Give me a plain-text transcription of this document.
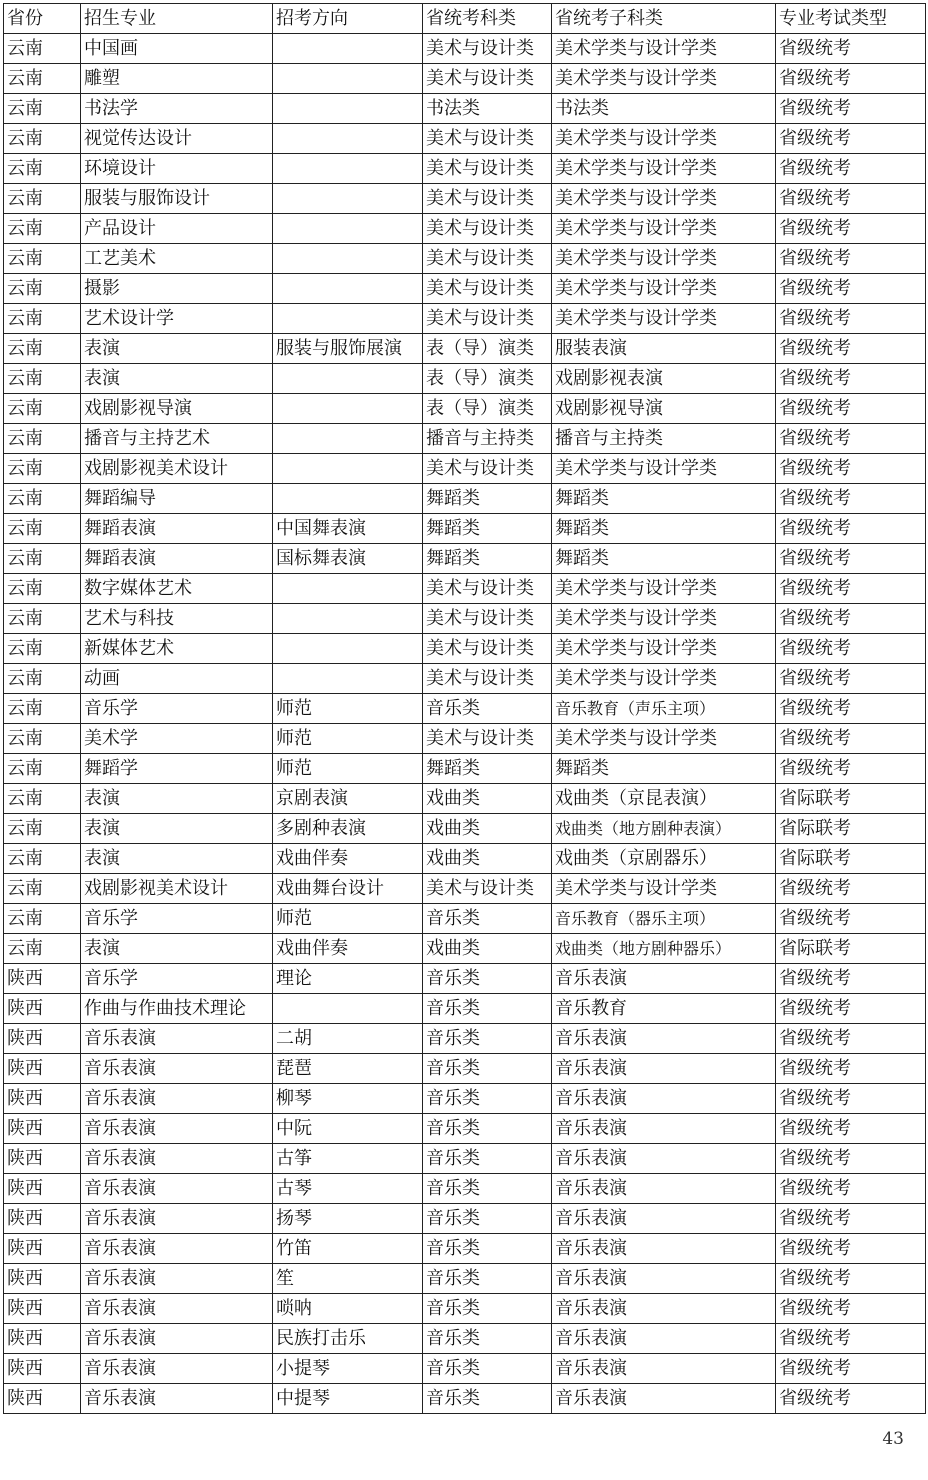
省份	招生专业	招考方向	省统考科类	省统考子科类	专业考试类型
云南	中国画		美术与设计类	美术学类与设计学类	省级统考
云南	雕塑		美术与设计类	美术学类与设计学类	省级统考
云南	书法学		书法类	书法类	省级统考
云南	视觉传达设计		美术与设计类	美术学类与设计学类	省级统考
云南	环境设计		美术与设计类	美术学类与设计学类	省级统考
云南	服装与服饰设计		美术与设计类	美术学类与设计学类	省级统考
云南	产品设计		美术与设计类	美术学类与设计学类	省级统考
云南	工艺美术		美术与设计类	美术学类与设计学类	省级统考
云南	摄影		美术与设计类	美术学类与设计学类	省级统考
云南	艺术设计学		美术与设计类	美术学类与设计学类	省级统考
云南	表演	服装与服饰展演	表（导）演类	服装表演	省级统考
云南	表演		表（导）演类	戏剧影视表演	省级统考
云南	戏剧影视导演		表（导）演类	戏剧影视导演	省级统考
云南	播音与主持艺术		播音与主持类	播音与主持类	省级统考
云南	戏剧影视美术设计		美术与设计类	美术学类与设计学类	省级统考
云南	舞蹈编导		舞蹈类	舞蹈类	省级统考
云南	舞蹈表演	中国舞表演	舞蹈类	舞蹈类	省级统考
云南	舞蹈表演	国标舞表演	舞蹈类	舞蹈类	省级统考
云南	数字媒体艺术		美术与设计类	美术学类与设计学类	省级统考
云南	艺术与科技		美术与设计类	美术学类与设计学类	省级统考
云南	新媒体艺术		美术与设计类	美术学类与设计学类	省级统考
云南	动画		美术与设计类	美术学类与设计学类	省级统考
云南	音乐学	师范	音乐类	音乐教育（声乐主项）	省级统考
云南	美术学	师范	美术与设计类	美术学类与设计学类	省级统考
云南	舞蹈学	师范	舞蹈类	舞蹈类	省级统考
云南	表演	京剧表演	戏曲类	戏曲类（京昆表演）	省际联考
云南	表演	多剧种表演	戏曲类	戏曲类（地方剧种表演）	省际联考
云南	表演	戏曲伴奏	戏曲类	戏曲类（京剧器乐）	省际联考
云南	戏剧影视美术设计	戏曲舞台设计	美术与设计类	美术学类与设计学类	省级统考
云南	音乐学	师范	音乐类	音乐教育（器乐主项）	省级统考
云南	表演	戏曲伴奏	戏曲类	戏曲类（地方剧种器乐）	省际联考
陕西	音乐学	理论	音乐类	音乐表演	省级统考
陕西	作曲与作曲技术理论		音乐类	音乐教育	省级统考
陕西	音乐表演	二胡	音乐类	音乐表演	省级统考
陕西	音乐表演	琵琶	音乐类	音乐表演	省级统考
陕西	音乐表演	柳琴	音乐类	音乐表演	省级统考
陕西	音乐表演	中阮	音乐类	音乐表演	省级统考
陕西	音乐表演	古筝	音乐类	音乐表演	省级统考
陕西	音乐表演	古琴	音乐类	音乐表演	省级统考
陕西	音乐表演	扬琴	音乐类	音乐表演	省级统考
陕西	音乐表演	竹笛	音乐类	音乐表演	省级统考
陕西	音乐表演	笙	音乐类	音乐表演	省级统考
陕西	音乐表演	唢呐	音乐类	音乐表演	省级统考
陕西	音乐表演	民族打击乐	音乐类	音乐表演	省级统考
陕西	音乐表演	小提琴	音乐类	音乐表演	省级统考
陕西	音乐表演	中提琴	音乐类	音乐表演	省级统考
43
